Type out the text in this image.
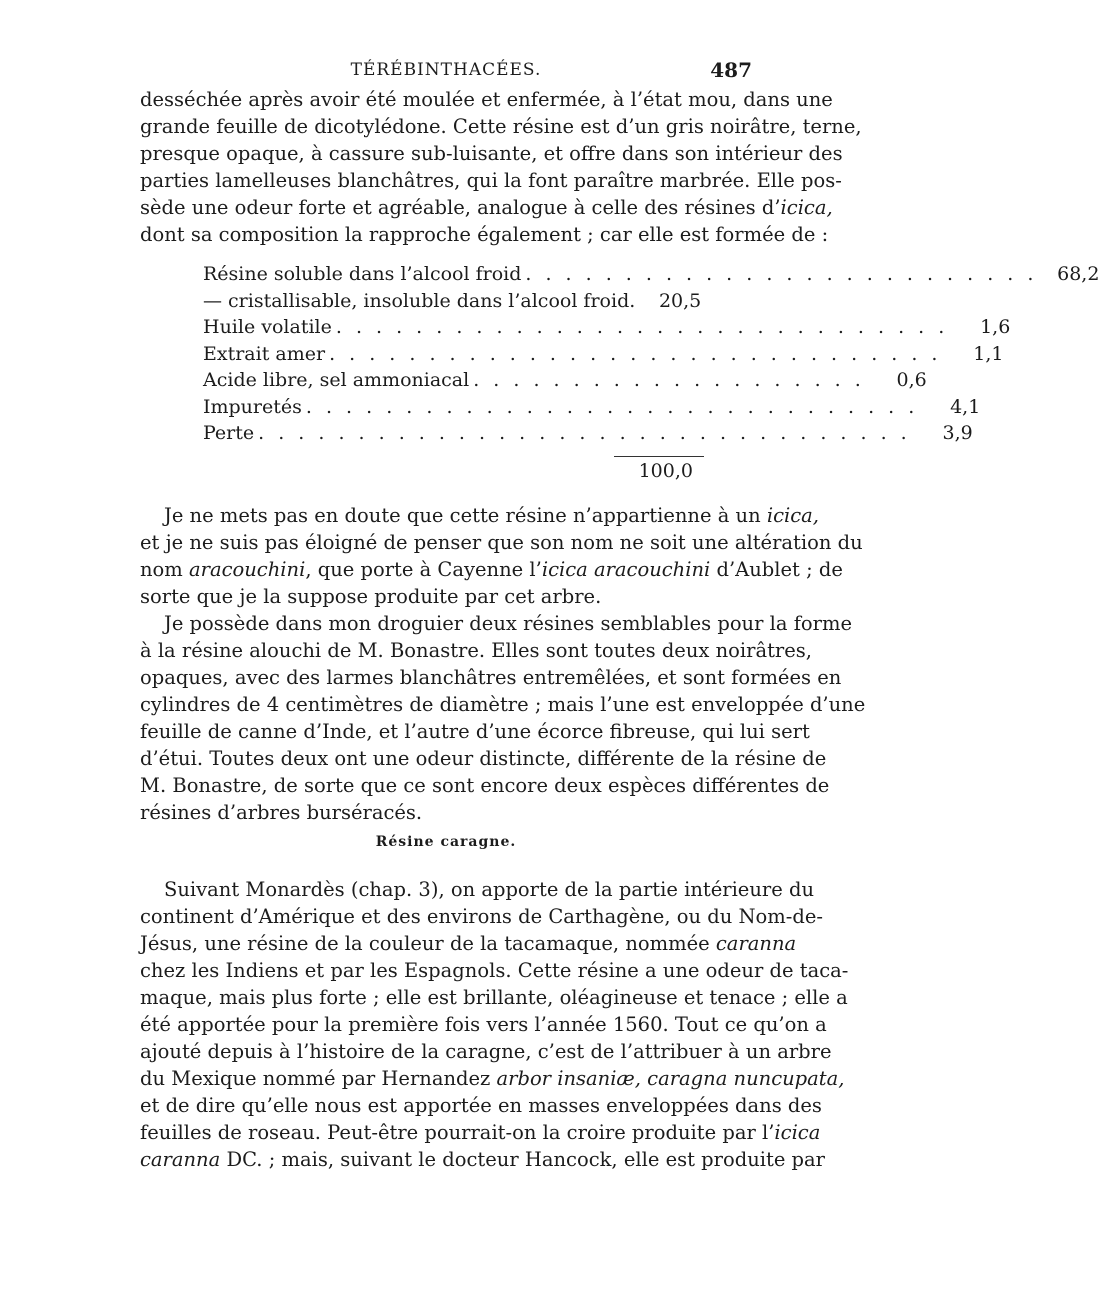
TÉRÉBINTHACÉES.	487
desséchée après avoir été moulée et enfermée, à l’état mou, dans une
grande feuille de dicotylédone. Cette résine est d’un gris noirâtre, terne,
presque opaque, à cassure sub-luisante, et offre dans son intérieur des
parties lamelleuses blanchâtres, qui la font paraître marbrée. Elle pos-
sède une odeur forte et agréable, analogue à celle des résines d’icica,
dont sa composition la rapproche également ; car elle est formée de :
Résine soluble dans l’alcool froid . . . . . . . . . . . . . . . . . . . . . . . . . .	68,2
— cristallisable, insoluble dans l’alcool froid.	20,5
Huile volatile . . . . . . . . . . . . . . . . . . . . . . . . . . . . . . .	1,6
Extrait amer . . . . . . . . . . . . . . . . . . . . . . . . . . . . . . .	1,1
Acide libre, sel ammoniacal . . . . . . . . . . . . . . . . . . . .	0,6
Impuretés . . . . . . . . . . . . . . . . . . . . . . . . . . . . . . .	4,1
Perte . . . . . . . . . . . . . . . . . . . . . . . . . . . . . . . . .	3,9
100,0
Je ne mets pas en doute que cette résine n’appartienne à un icica,
et je ne suis pas éloigné de penser que son nom ne soit une altération du
nom aracouchini, que porte à Cayenne l’icica aracouchini d’Aublet ; de
sorte que je la suppose produite par cet arbre.
Je possède dans mon droguier deux résines semblables pour la forme
à la résine alouchi de M. Bonastre. Elles sont toutes deux noirâtres,
opaques, avec des larmes blanchâtres entremêlées, et sont formées en
cylindres de 4 centimètres de diamètre ; mais l’une est enveloppée d’une
feuille de canne d’Inde, et l’autre d’une écorce fibreuse, qui lui sert
d’étui. Toutes deux ont une odeur distincte, différente de la résine de
M. Bonastre, de sorte que ce sont encore deux espèces différentes de
résines d’arbres burséracés.
Résine caragne.
Suivant Monardès (chap. 3), on apporte de la partie intérieure du
continent d’Amérique et des environs de Carthagène, ou du Nom-de-
Jésus, une résine de la couleur de la tacamaque, nommée caranna
chez les Indiens et par les Espagnols. Cette résine a une odeur de taca-
maque, mais plus forte ; elle est brillante, oléagineuse et tenace ; elle a
été apportée pour la première fois vers l’année 1560. Tout ce qu’on a
ajouté depuis à l’histoire de la caragne, c’est de l’attribuer à un arbre
du Mexique nommé par Hernandez arbor insaniæ, caragna nuncupata,
et de dire qu’elle nous est apportée en masses enveloppées dans des
feuilles de roseau. Peut-être pourrait-on la croire produite par l’icica
caranna DC. ; mais, suivant le docteur Hancock, elle est produite par
